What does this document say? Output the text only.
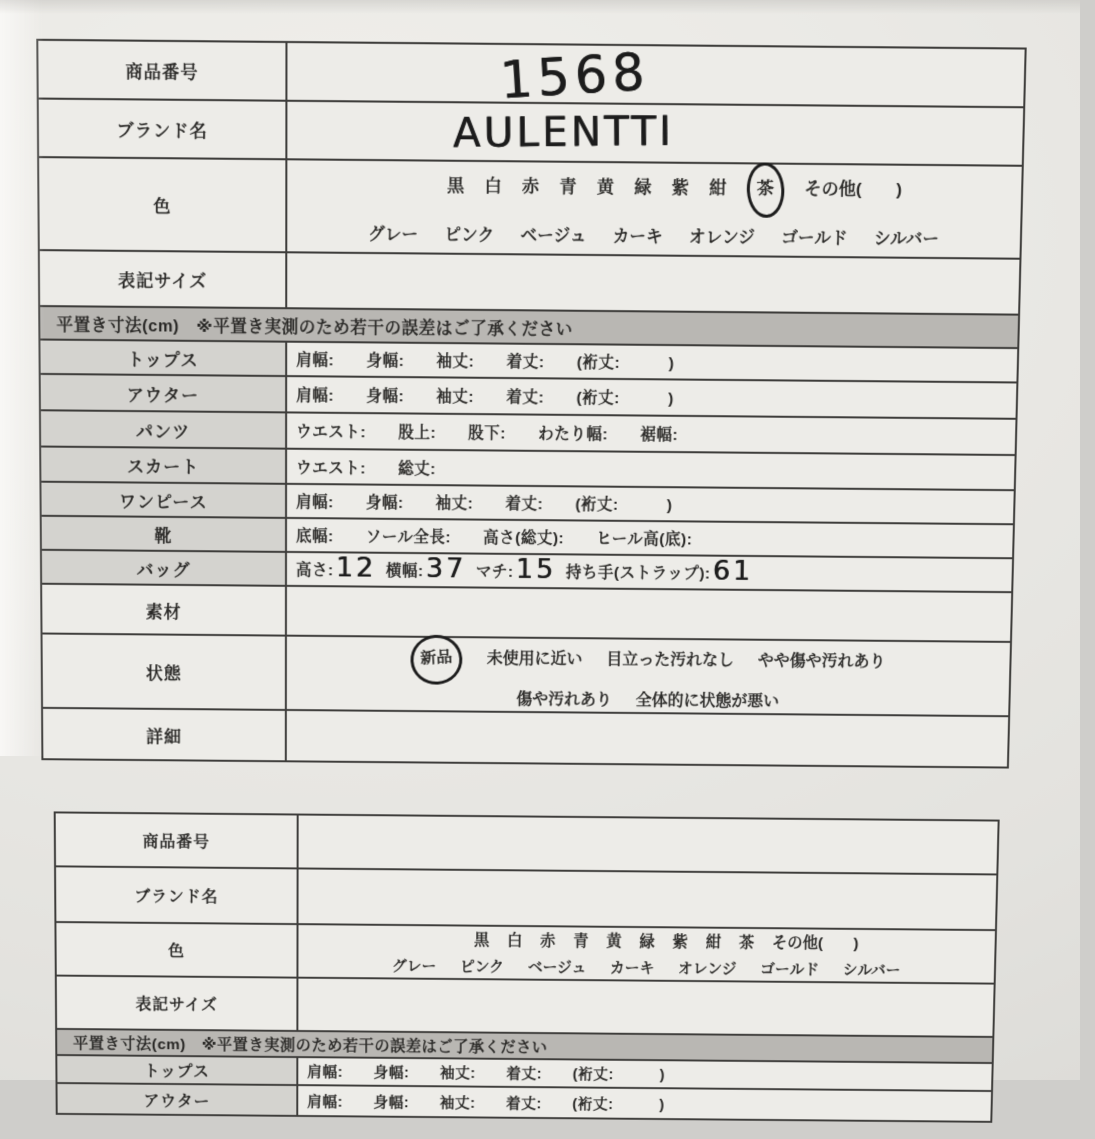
商品番号	1568
ブランド名	AULENTTI
色
黒 白 赤 青 黄 緑 紫 紺 茶 その他(　　)
グレー ピンク ベージュ カーキ オレンジ ゴールド シルバー
表記サイズ
平置き寸法(cm)　※平置き実測のため若干の誤差はご了承ください
トップス	肩幅:　　身幅:　　袖丈:　　着丈:　　(裄丈:　　　)
アウター	肩幅:　　身幅:　　袖丈:　　着丈:　　(裄丈:　　　)
パンツ	ウエスト:　　股上:　　股下:　　わたり幅:　　裾幅:
スカート	ウエスト:　　総丈:
ワンピース	肩幅:　　身幅:　　袖丈:　　着丈:　　(裄丈:　　　)
靴	底幅:　　ソール全長:　　高さ(総丈):　　ヒール高(底):
バッグ	高さ: 12 横幅: 37 マチ: 15 持ち手(ストラップ): 61
素材
状態
新品 未使用に近い 目立った汚れなし やや傷や汚れあり
傷や汚れあり 全体的に状態が悪い
詳細
商品番号
ブランド名
色
黒 白 赤 青 黄 緑 紫 紺 茶 その他(　　)
グレー ピンク ベージュ カーキ オレンジ ゴールド シルバー
表記サイズ
平置き寸法(cm)　※平置き実測のため若干の誤差はご了承ください
トップス	肩幅:　　身幅:　　袖丈:　　着丈:　　(裄丈:　　　)
アウター	肩幅:　　身幅:　　袖丈:　　着丈:　　(裄丈:　　　)
